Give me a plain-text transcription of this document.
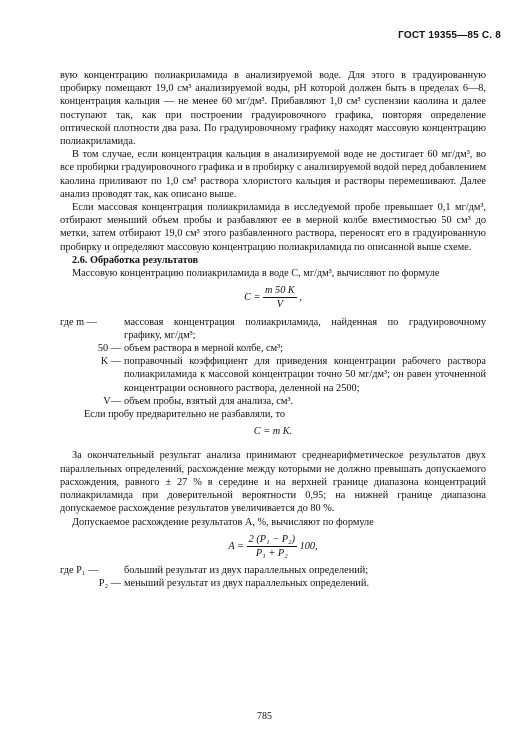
ГОСТ 19355—85 С. 8

вую концентрацию полиакриламида в анализируемой воде. Для этого в градуированную пробирку помещают 19,0 см³ анализируемой воды, pH которой должен быть в пределах 6—8, концентрация кальция — не менее 60 мг/дм³. Прибавляют 1,0 см³ суспензии каолина и далее поступают так, как при построении градуировочного графика, повторяя определение оптической плотности два раза. По градуировочному графику находят массовую концентрацию полиакриламида.

В том случае, если концентрация кальция в анализируемой воде не достигает 60 мг/дм³, во все пробирки градуировочного графика и в пробирку с анализируемой водой перед добавлением каолина приливают по 1,0 см³ раствора хлористого кальция и растворы перемешивают. Далее анализ проводят так, как описано выше.

Если массовая концентрация полиакриламида в исследуемой пробе превышает 0,1 мг/дм³, отбирают меньший объем пробы и разбавляют ее в мерной колбе вместимостью 50 см³ до метки, затем отбирают 19,0 см³ этого разбавленного раствора, переносят его в градуированную пробирку и определяют массовую концентрацию полиакриламида по описанной выше схеме.

2.6. Обработка результатов

Массовую концентрацию полиакриламида в воде C, мг/дм³, вычисляют по формуле

$C = \frac{m 50 K}{V}$ ,
где m —	массовая концентрация полиакриламида, найденная по градуировочному графику, мг/дм³;
50 — объем раствора в мерной колбе, см³;
K — поправочный коэффициент для приведения концентрации рабочего раствора полиакриламида к массовой концентрации точно 50 мг/дм³; он равен уточненной концентрации основного раствора, деленной на 2500;
V— объем пробы, взятый для анализа, см³.

Если пробу предварительно не разбавляли, то

C = m K.

За окончательный результат анализа принимают среднеарифметическое результатов двух параллельных определений, расхождение между которыми не должно превышать допускаемого расхождения, равного ± 27 % в середине и на верхней границе диапазона концентраций полиакриламида при доверительной вероятности 0,95; на нижней границе диапазона допускаемое расхождение результатов увеличивается до 80 %.

Допускаемое расхождение результатов A, %, вычисляют по формуле

$A = \frac{\text{2 (P₁ − P₂)}}{\text{P₁ + P₂}} 100$,
где P₁ —	больший результат из двух параллельных определений;
P₂ — меньший результат из двух параллельных определений.
785
